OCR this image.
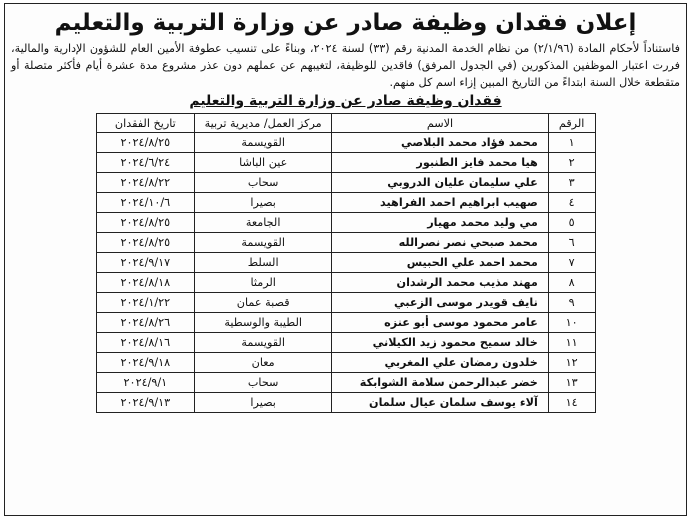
إعلان فقدان وظيفة صادر عن وزارة التربية والتعليم
فاستناداً لأحكام المادة (٢/١/٩٦) من نظام الخدمة المدنية رقم (٣٣) لسنة ٢٠٢٤، وبناءً على تنسيب عطوفة الأمين العام للشؤون الإدارية والمالية، فررت اعتبار الموظفين المذكورين (في الجدول المرفق) فاقدين للوظيفة، لتغيبهم عن عملهم دون عذر مشروع مدة عشرة أيام فأكثر متصلة أو متقطعة خلال السنة ابتداءً من التاريخ المبين إزاء اسم كل منهم.
فقدان وظيفة صادر عن وزارة التربية والتعليم
الرقم	الاسم	مركز العمل/ مديرية تربية	تاريخ الفقدان
١	محمد فؤاد محمد البلاصي	القويسمة	٢٠٢٤/٨/٢٥
٢	هيا محمد فايز الطنبور	عين الباشا	٢٠٢٤/٦/٢٤
٣	علي سليمان عليان الدروبي	سحاب	٢٠٢٤/٨/٢٢
٤	صهيب ابراهيم احمد الفراهيد	بصيرا	٢٠٢٤/١٠/٦
٥	مي وليد محمد مهيار	الجامعة	٢٠٢٤/٨/٢٥
٦	محمد صبحي نصر نصرالله	القويسمة	٢٠٢٤/٨/٢٥
٧	محمد احمد علي الحبيس	السلط	٢٠٢٤/٩/١٧
٨	مهند مذيب محمد الرشدان	الرمثا	٢٠٢٤/٨/١٨
٩	نايف قويدر موسى الزعبي	قصبة عمان	٢٠٢٤/١/٢٢
١٠	عامر محمود موسى أبو عنزه	الطيبة والوسطية	٢٠٢٤/٨/٢٦
١١	خالد سميح محمود زيد الكيلاني	القويسمة	٢٠٢٤/٨/١٦
١٢	خلدون رمضان علي المغربي	معان	٢٠٢٤/٩/١٨
١٣	خضر عبدالرحمن سلامة الشوابكة	سحاب	٢٠٢٤/٩/١
١٤	آلاء يوسف سلمان عيال سلمان	بصيرا	٢٠٢٤/٩/١٣
